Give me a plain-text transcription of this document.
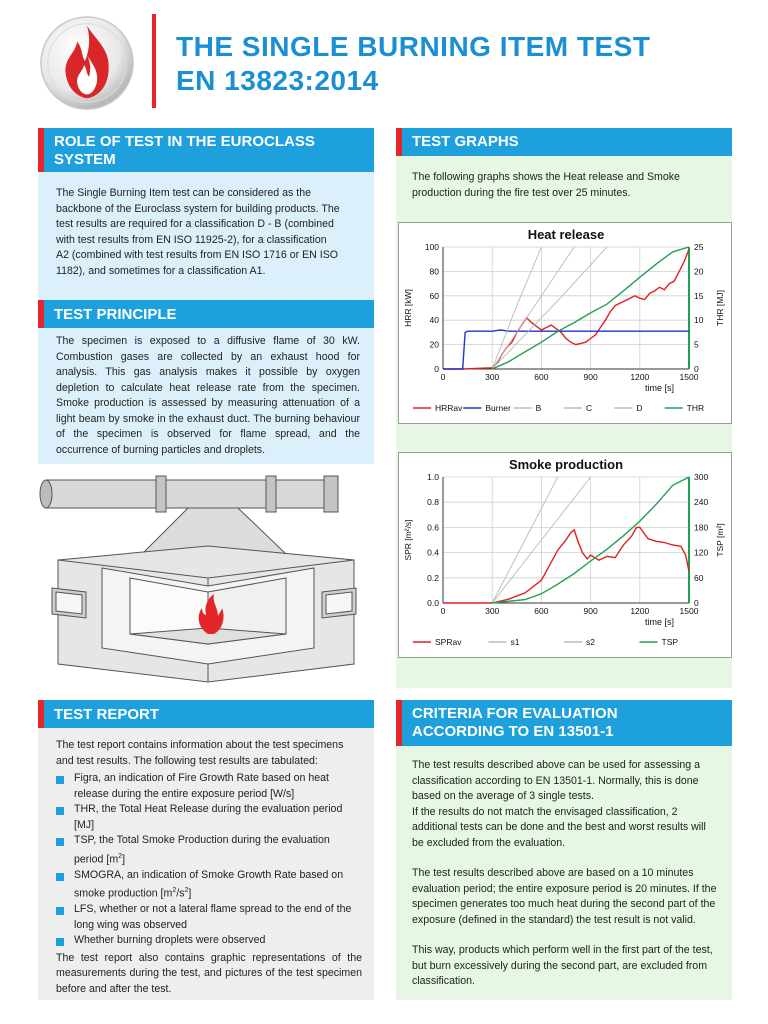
THE SINGLE BURNING ITEM TEST
EN 13823:2014
ROLE OF TEST IN THE EUROCLASS
SYSTEM
The Single Burning Item test can be considered as the
backbone of the Euroclass system for building products. The
test results are required for a classification D - B (combined
with test results from EN ISO 11925-2), for a classification
A2 (combined with test results from EN ISO 1716 or EN ISO
1182), and sometimes for a classification A1.
TEST PRINCIPLE
The specimen is exposed to a diffusive flame of 30 kW. Combustion gases are collected by an exhaust hood for analysis. This gas analysis makes it possible by oxygen depletion to calculate heat release rate from the specimen. Smoke production is assessed by measuring attenuation of a light beam by smoke in the exhaust duct. The burning behaviour of the specimen is observed for flame spread, and the occurrence of burning particles and droplets.
TEST GRAPHS
The following graphs shows the Heat release and Smoke
production during the fire test over 25 minutes.
Heat release
0	300	600	900	1200	1500
0	0
20	5
40	10
60	15
80	20
100	25
HRR [kW]	THR [MJ]
time [s]
HRRav	Burner	B	C	D	THR
Smoke production
0	300	600	900	1200	1500
0.0	0
0.2	60
0.4	120
0.6	180
0.8	240
1.0	300
SPR [m²/s]	TSP [m²]
time [s]
SPRav	s1	s2	TSP
TEST REPORT
The test report contains information about the test specimens and test results. The following test results are tabulated:
Figra, an indication of Fire Growth Rate based on heat release during the entire exposure period [W/s]
THR, the Total Heat Release during the evaluation period [MJ]
TSP, the Total Smoke Production during the evaluation period $[m^2]$
SMOGRA, an indication of Smoke Growth Rate based on smoke production $[m^2/s^2]$
LFS, whether or not a lateral flame spread to the end of the long wing was observed
Whether burning droplets were observed
The test report also contains graphic representations of the measurements during the test, and pictures of the test specimen before and after the test.
CRITERIA FOR EVALUATION
ACCORDING TO EN 13501-1
The test results described above can be used for assessing a classification according to EN 13501-1. Normally, this is done based on the average of 3 single tests.
If the results do not match the envisaged classification, 2 additional tests can be done and the best and worst results will be excluded from the evaluation.
The test results described above are based on a 10 minutes evaluation period; the entire exposure period is 20 minutes. If the specimen generates too much heat during the second part of the exposure (defined in the standard) the test result is not valid.
This way, products which perform well in the first part of the test, but burn excessively during the second part, are excluded from classification.
